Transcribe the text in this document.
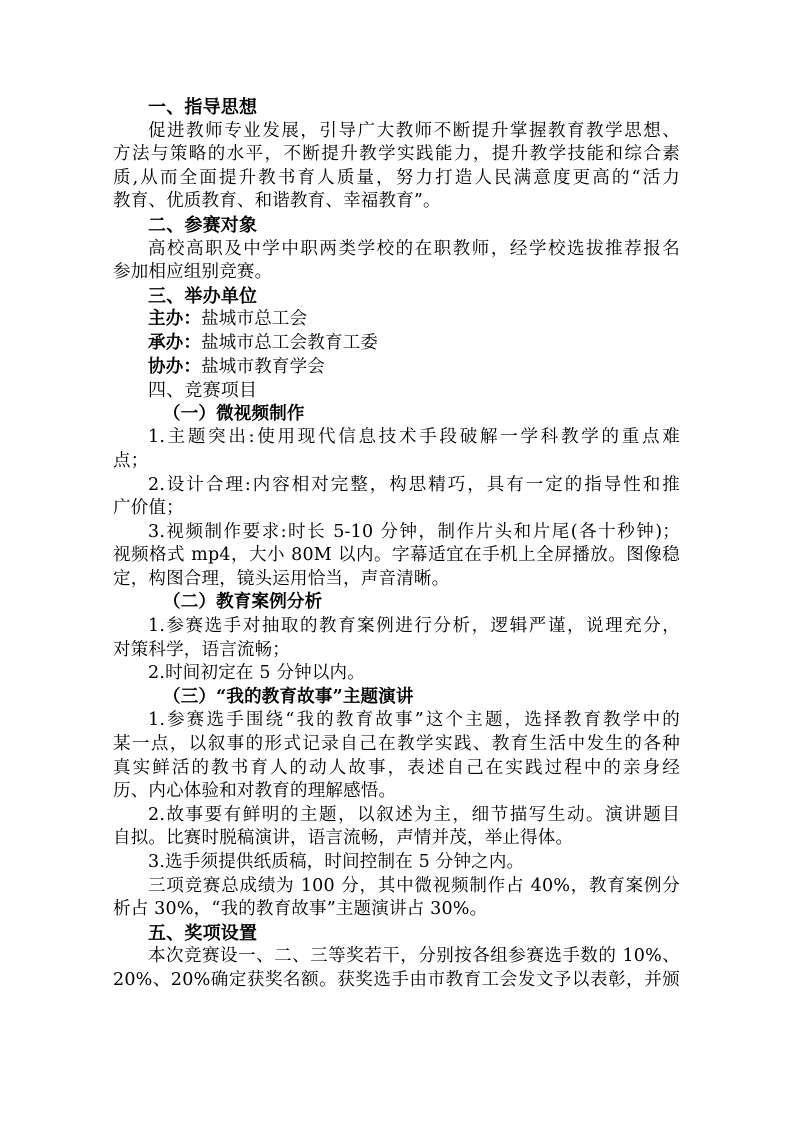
一、指导思想
促进教师专业发展，引导广大教师不断提升掌握教育教学思想、
方法与策略的水平，不断提升教学实践能力，提升教学技能和综合素
质,从而全面提升教书育人质量，努力打造人民满意度更高的“活力
教育、优质教育、和谐教育、幸福教育”。
二、参赛对象
高校高职及中学中职两类学校的在职教师，经学校选拔推荐报名
参加相应组别竞赛。
三、举办单位
主办：盐城市总工会
承办：盐城市总工会教育工委
协办：盐城市教育学会
四、竞赛项目
（一）微视频制作
1.主题突出:使用现代信息技术手段破解一学科教学的重点难
点；
2.设计合理:内容相对完整，构思精巧，具有一定的指导性和推
广价值；
3.视频制作要求:时长 5-10 分钟，制作片头和片尾(各十秒钟)；
视频格式 mp4，大小 80M 以内。字幕适宜在手机上全屏播放。图像稳
定，构图合理，镜头运用恰当，声音清晰。
（二）教育案例分析
1.参赛选手对抽取的教育案例进行分析，逻辑严谨，说理充分，
对策科学，语言流畅；
2.时间初定在 5 分钟以内。
（三）“我的教育故事”主题演讲
1.参赛选手围绕“我的教育故事”这个主题，选择教育教学中的
某一点，以叙事的形式记录自己在教学实践、教育生活中发生的各种
真实鲜活的教书育人的动人故事，表述自己在实践过程中的亲身经
历、内心体验和对教育的理解感悟。
2.故事要有鲜明的主题，以叙述为主，细节描写生动。演讲题目
自拟。比赛时脱稿演讲，语言流畅，声情并茂，举止得体。
3.选手须提供纸质稿，时间控制在 5 分钟之内。
三项竞赛总成绩为 100 分，其中微视频制作占 40%，教育案例分
析占 30%，“我的教育故事”主题演讲占 30%。
五、奖项设置
本次竞赛设一、二、三等奖若干，分别按各组参赛选手数的 10%、
20%、20%确定获奖名额。获奖选手由市教育工会发文予以表彰，并颁
